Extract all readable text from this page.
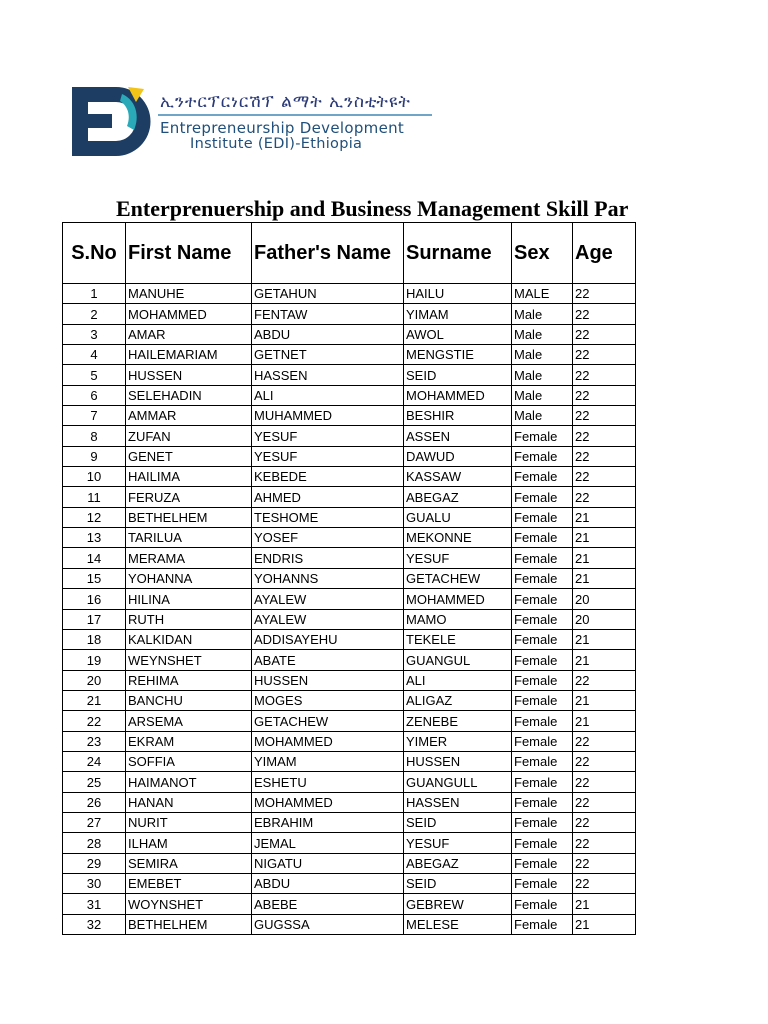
ኢንተርፕርነርሽፕ ልማት ኢንስቲትዩት
Entrepreneurship Development
Institute (EDI)-Ethiopia
Enterprenuership and Business Management Skill Par
S.No	First Name	Father's Name	Surname	Sex	Age
1	MANUHE	GETAHUN	HAILU	MALE	22
2	MOHAMMED	FENTAW	YIMAM	Male	22
3	AMAR	ABDU	AWOL	Male	22
4	HAILEMARIAM	GETNET	MENGSTIE	Male	22
5	HUSSEN	HASSEN	SEID	Male	22
6	SELEHADIN	ALI	MOHAMMED	Male	22
7	AMMAR	MUHAMMED	BESHIR	Male	22
8	ZUFAN	YESUF	ASSEN	Female	22
9	GENET	YESUF	DAWUD	Female	22
10	HAILIMA	KEBEDE	KASSAW	Female	22
11	FERUZA	AHMED	ABEGAZ	Female	22
12	BETHELHEM	TESHOME	GUALU	Female	21
13	TARILUA	YOSEF	MEKONNE	Female	21
14	MERAMA	ENDRIS	YESUF	Female	21
15	YOHANNA	YOHANNS	GETACHEW	Female	21
16	HILINA	AYALEW	MOHAMMED	Female	20
17	RUTH	AYALEW	MAMO	Female	20
18	KALKIDAN	ADDISAYEHU	TEKELE	Female	21
19	WEYNSHET	ABATE	GUANGUL	Female	21
20	REHIMA	HUSSEN	ALI	Female	22
21	BANCHU	MOGES	ALIGAZ	Female	21
22	ARSEMA	GETACHEW	ZENEBE	Female	21
23	EKRAM	MOHAMMED	YIMER	Female	22
24	SOFFIA	YIMAM	HUSSEN	Female	22
25	HAIMANOT	ESHETU	GUANGULL	Female	22
26	HANAN	MOHAMMED	HASSEN	Female	22
27	NURIT	EBRAHIM	SEID	Female	22
28	ILHAM	JEMAL	YESUF	Female	22
29	SEMIRA	NIGATU	ABEGAZ	Female	22
30	EMEBET	ABDU	SEID	Female	22
31	WOYNSHET	ABEBE	GEBREW	Female	21
32	BETHELHEM	GUGSSA	MELESE	Female	21
